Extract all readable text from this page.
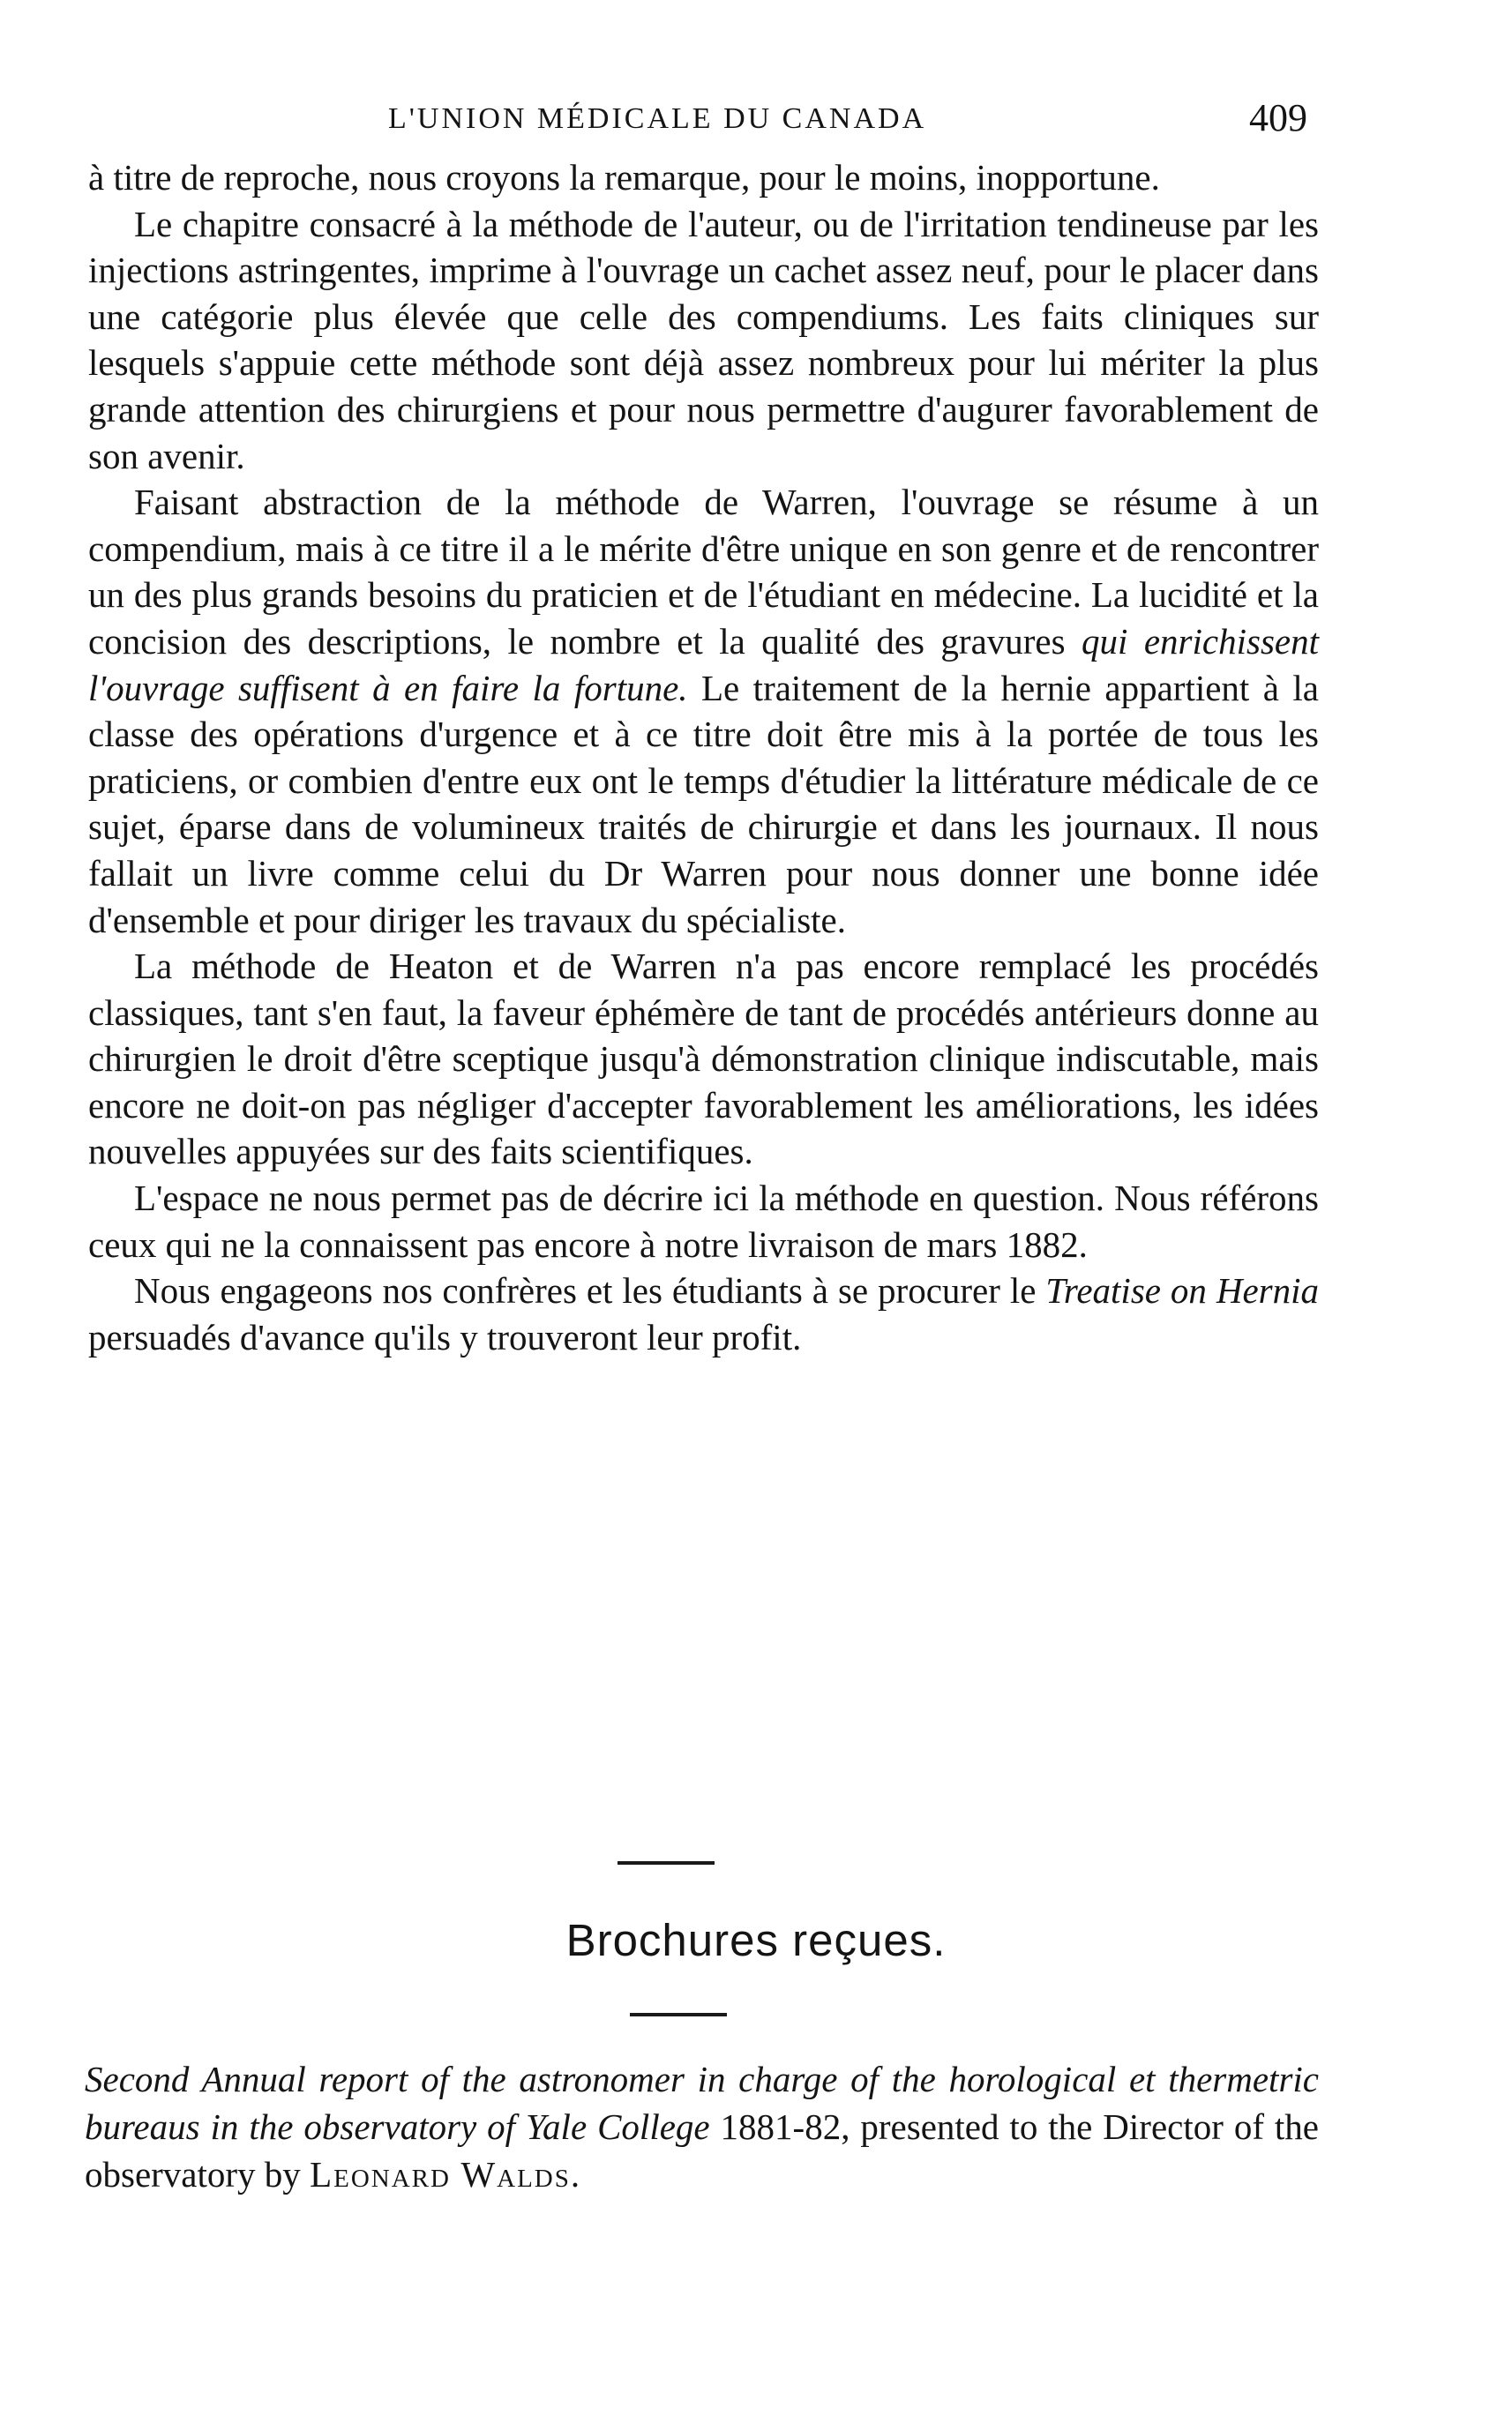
L'UNION MÉDICALE DU CANADA	409

à titre de reproche, nous croyons la remarque, pour le moins, inopportune.

Le chapitre consacré à la méthode de l'auteur, ou de l'irritation tendineuse par les injections astringentes, imprime à l'ouvrage un cachet assez neuf, pour le placer dans une catégorie plus élevée que celle des compendiums. Les faits cliniques sur lesquels s'appuie cette méthode sont déjà assez nombreux pour lui mériter la plus grande attention des chirurgiens et pour nous permettre d'augurer favorablement de son avenir.

Faisant abstraction de la méthode de Warren, l'ouvrage se résume à un compendium, mais à ce titre il a le mérite d'être unique en son genre et de rencontrer un des plus grands besoins du praticien et de l'étudiant en médecine. La lucidité et la concision des descriptions, le nombre et la qualité des gravures qui enrichissent l'ouvrage suffisent à en faire la fortune. Le traitement de la hernie appartient à la classe des opérations d'urgence et à ce titre doit être mis à la portée de tous les praticiens, or combien d'entre eux ont le temps d'étudier la littérature médicale de ce sujet, éparse dans de volumineux traités de chirurgie et dans les journaux. Il nous fallait un livre comme celui du Dr Warren pour nous donner une bonne idée d'ensemble et pour diriger les travaux du spécialiste.

La méthode de Heaton et de Warren n'a pas encore remplacé les procédés classiques, tant s'en faut, la faveur éphémère de tant de procédés antérieurs donne au chirurgien le droit d'être sceptique jusqu'à démonstration clinique indiscutable, mais encore ne doit-on pas négliger d'accepter favorablement les améliorations, les idées nouvelles appuyées sur des faits scientifiques.

L'espace ne nous permet pas de décrire ici la méthode en question. Nous référons ceux qui ne la connaissent pas encore à notre livraison de mars 1882.

Nous engageons nos confrères et les étudiants à se procurer le Treatise on Hernia persuadés d'avance qu'ils y trouveront leur profit.

Brochures reçues.

Second Annual report of the astronomer in charge of the horological et thermetric bureaus in the observatory of Yale College 1881-82, presented to the Director of the observatory by Leonard Walds.
